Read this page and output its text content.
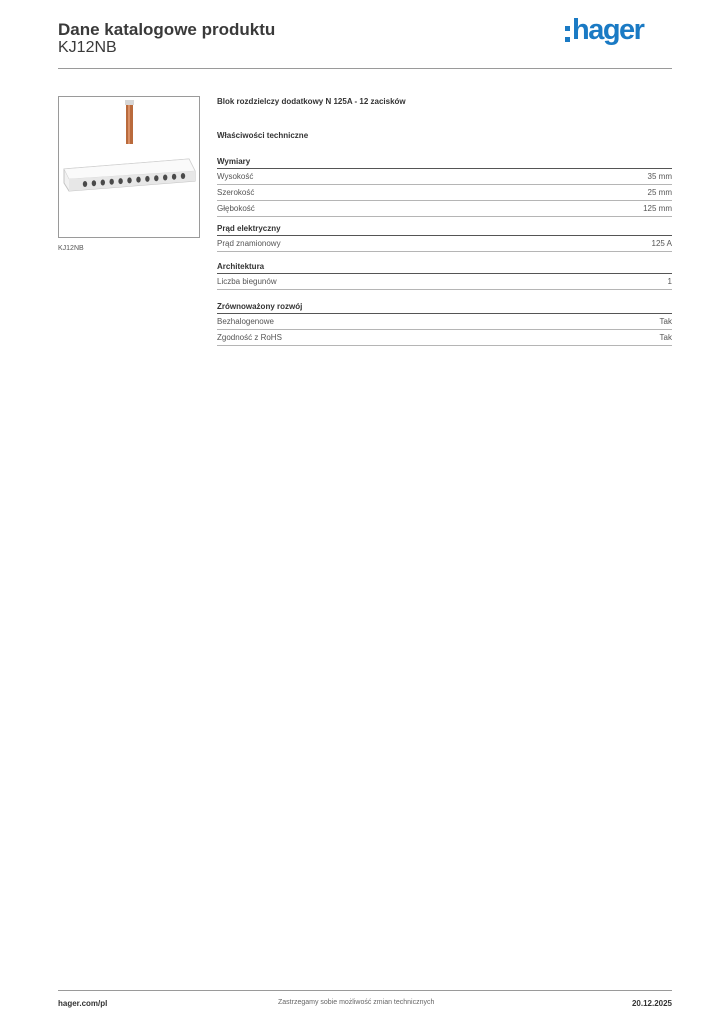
Dane katalogowe produktu
KJ12NB
hager
KJ12NB
Blok rozdzielczy dodatkowy N 125A - 12 zacisków
Właściwości techniczne
Wymiary
Wysokość	35 mm
Szerokość	25 mm
Głębokość	125 mm
Prąd elektryczny
Prąd znamionowy	125 A
Architektura
Liczba biegunów	1
Zrównoważony rozwój
Bezhalogenowe	Tak
Zgodność z RoHS	Tak
hager.com/pl	Zastrzegamy sobie możliwość zmian technicznych	20.12.2025
